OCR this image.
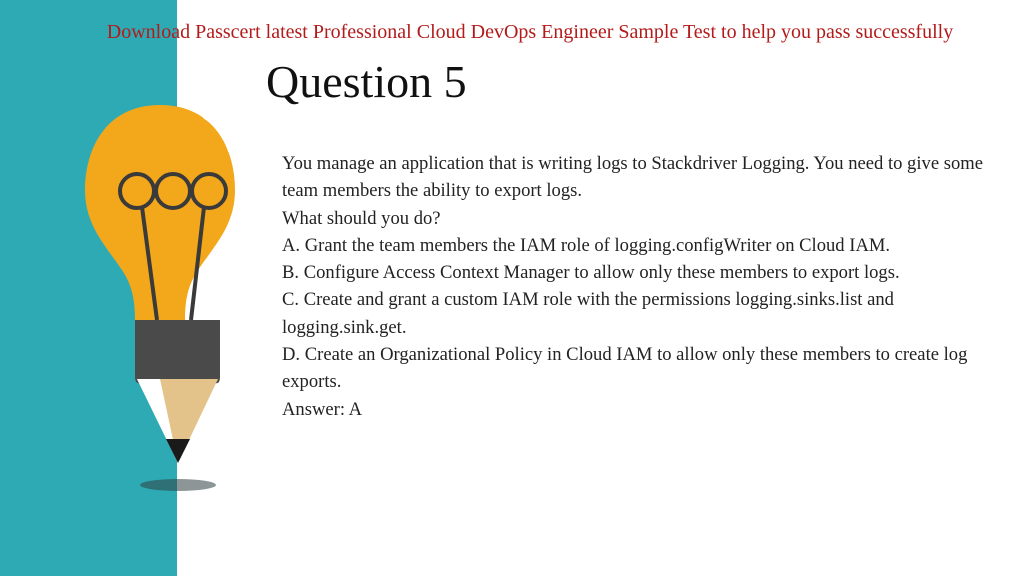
Download Passcert latest Professional Cloud DevOps Engineer Sample Test to help you pass successfully
Question 5

You manage an application that is writing logs to Stackdriver Logging. You need to give some team members the ability to export logs.

What should you do?

A. Grant the team members the IAM role of logging.configWriter on Cloud IAM.

B. Configure Access Context Manager to allow only these members to export logs.

C. Create and grant a custom IAM role with the permissions logging.sinks.list and logging.sink.get.

D. Create an Organizational Policy in Cloud IAM to allow only these members to create log exports.

Answer: A
